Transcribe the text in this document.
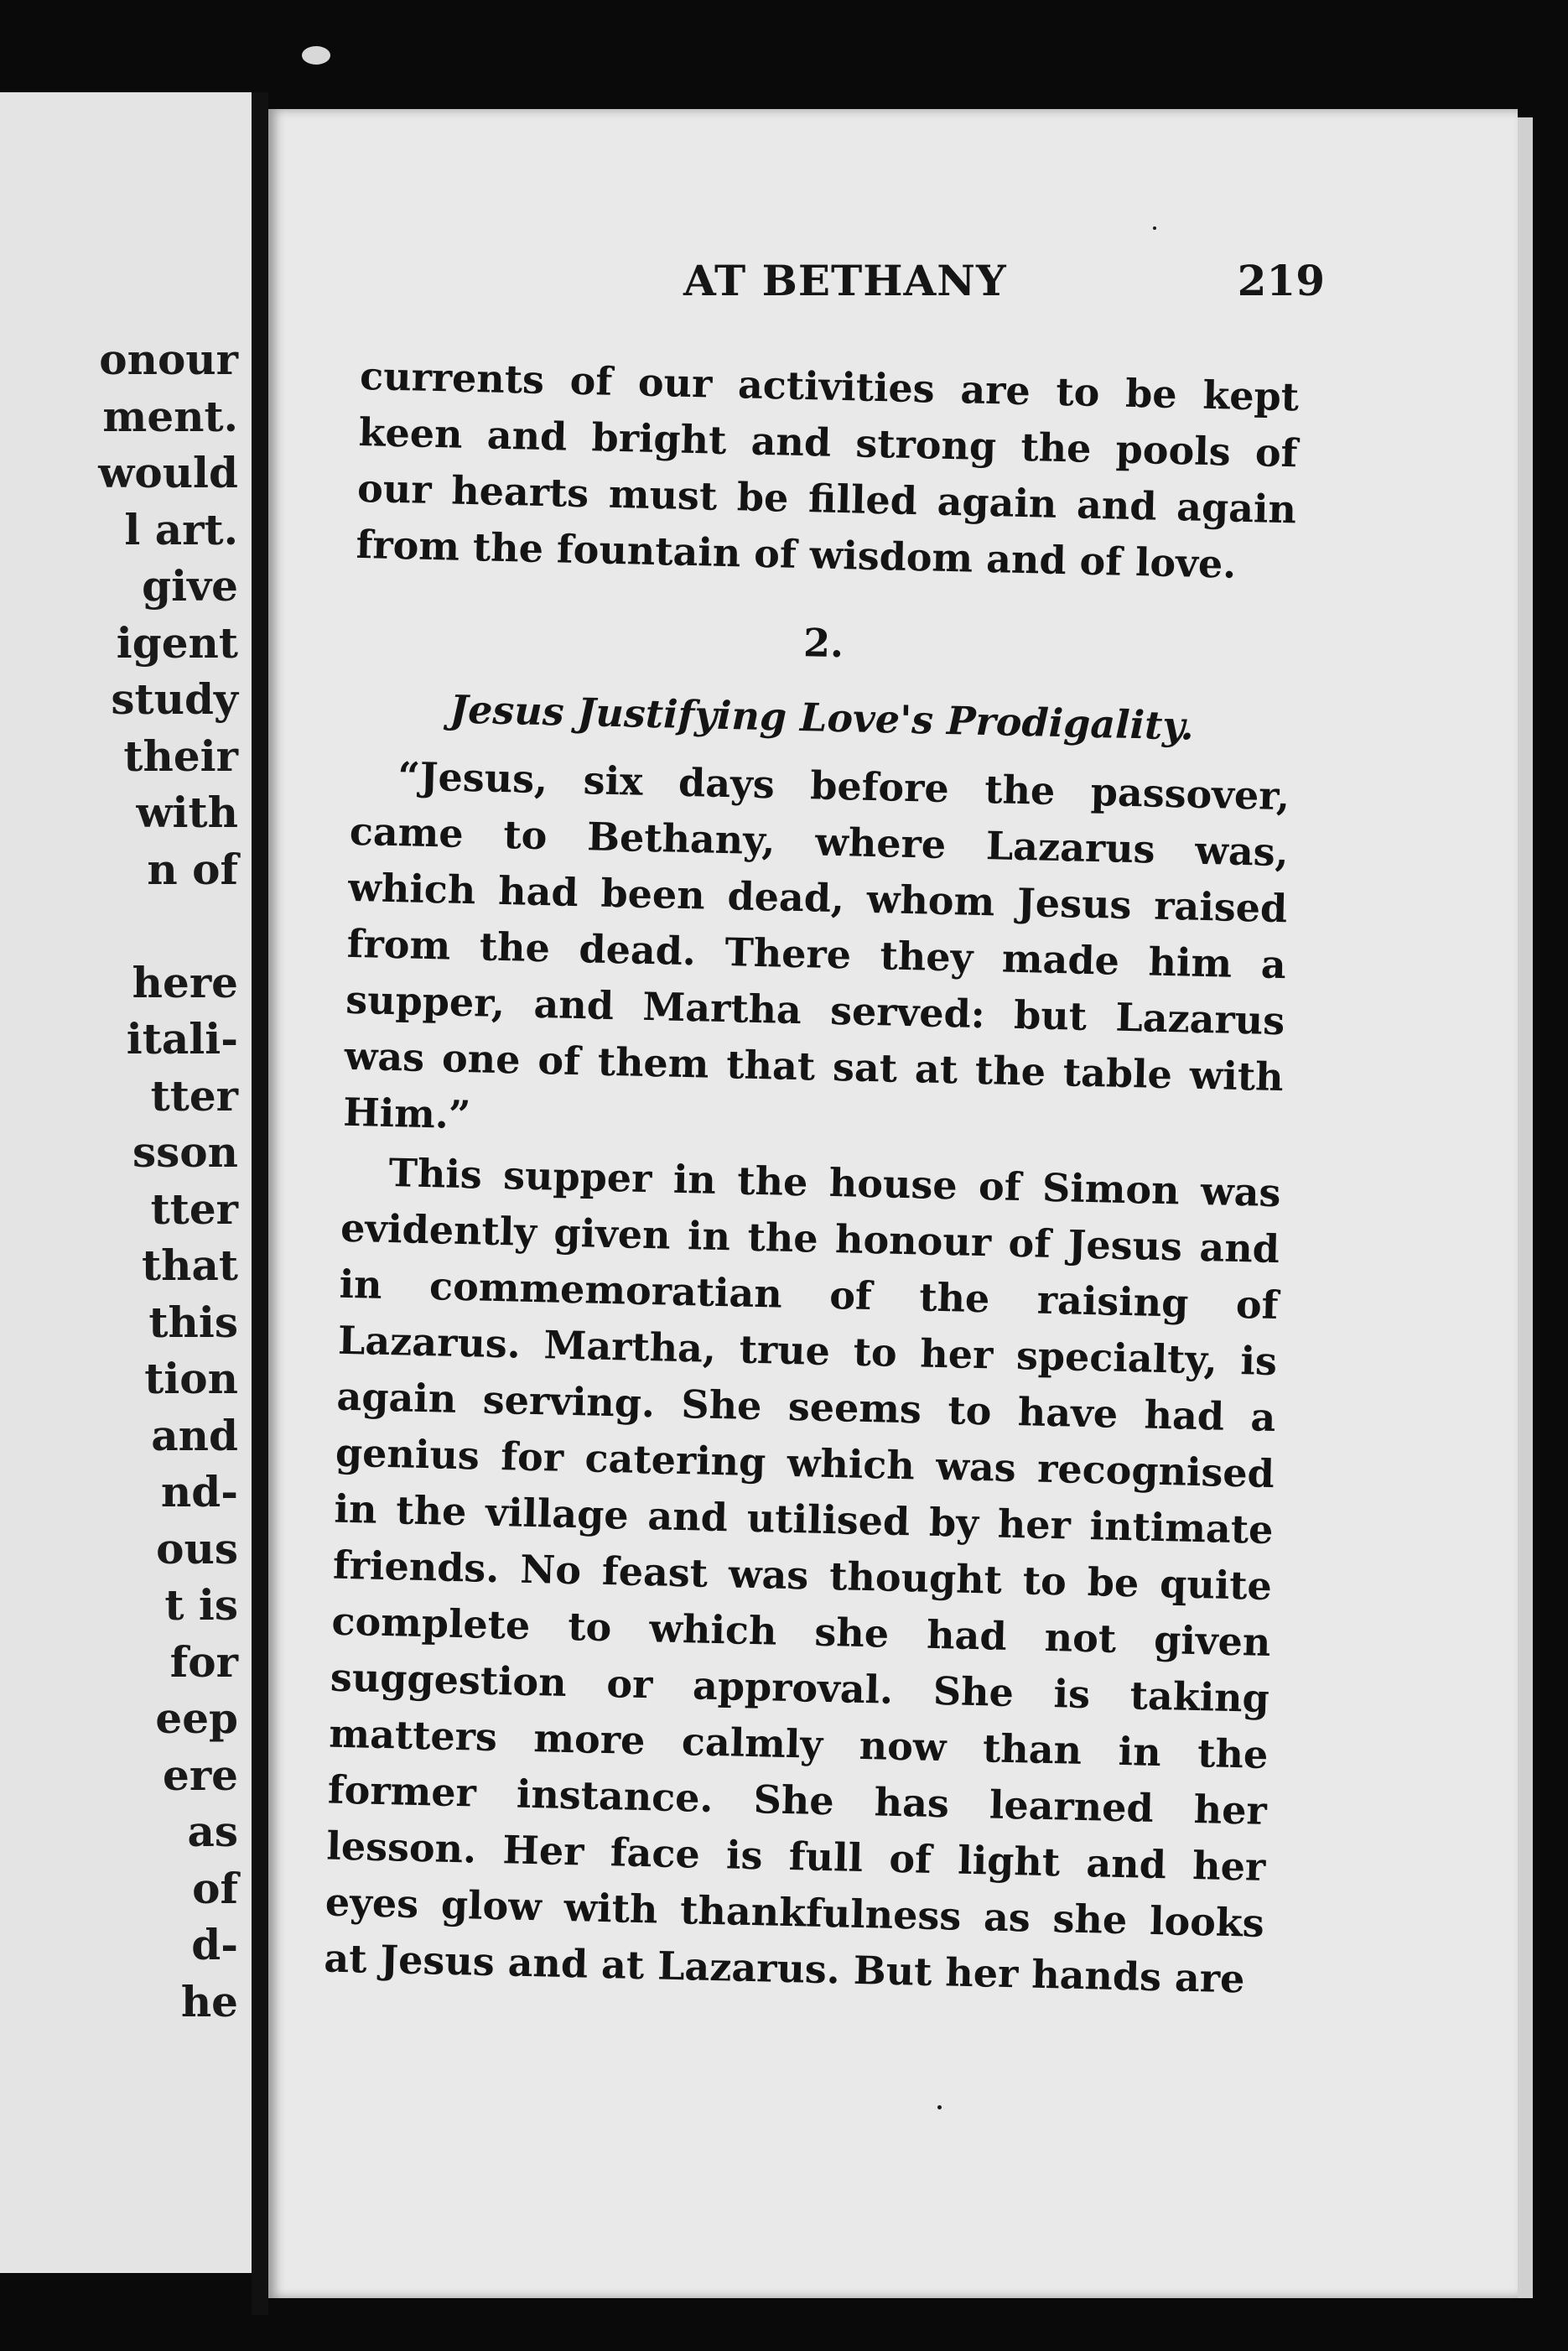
onour
ment.
would
l art.
give
igent
study
their
with
n of
here
itali-
tter
sson
tter
that
this
tion
and
nd-
ous
t is
for
eep
ere
as
of
d-
he
AT BETHANY	219

currents of our activities are to be kept keen and bright and strong the pools of our hearts must be filled again and again from the fountain of wisdom and of love.

2.

Jesus Justifying Love's Prodigality.

“Jesus, six days before the passover, came to Bethany, where Lazarus was, which had been dead, whom Jesus raised from the dead. There they made him a supper, and Martha served: but Lazarus was one of them that sat at the table with Him.”

This supper in the house of Simon was evidently given in the honour of Jesus and in commemoratian of the raising of Lazarus. Martha, true to her specialty, is again serving. She seems to have had a genius for catering which was recognised in the village and utilised by her intimate friends. No feast was thought to be quite complete to which she had not given suggestion or approval. She is taking matters more calmly now than in the former instance. She has learned her lesson. Her face is full of light and her eyes glow with thankfulness as she looks at Jesus and at Lazarus. But her hands are
